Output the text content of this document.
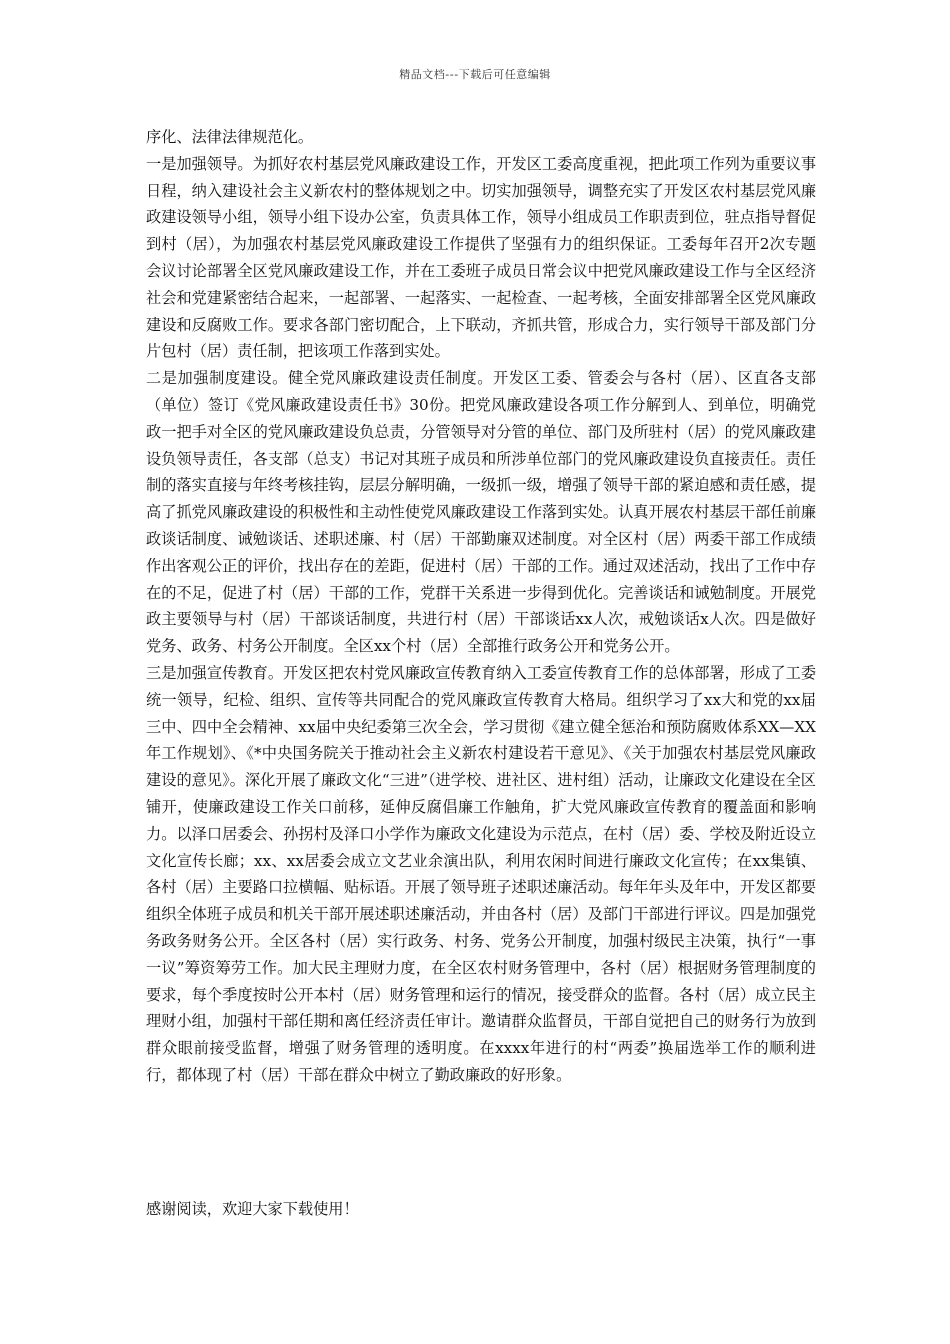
精品文档---下载后可任意编辑

序化、法律法律规范化。

一是加强领导。为抓好农村基层党风廉政建设工作，开发区工委高度重视，把此项工作列为重要议事日程，纳入建设社会主义新农村的整体规划之中。切实加强领导，调整充实了开发区农村基层党风廉政建设领导小组，领导小组下设办公室，负责具体工作，领导小组成员工作职责到位，驻点指导督促到村（居），为加强农村基层党风廉政建设工作提供了坚强有力的组织保证。工委每年召开2次专题会议讨论部署全区党风廉政建设工作，并在工委班子成员日常会议中把党风廉政建设工作与全区经济社会和党建紧密结合起来，一起部署、一起落实、一起检查、一起考核，全面安排部署全区党风廉政建设和反腐败工作。要求各部门密切配合，上下联动，齐抓共管，形成合力，实行领导干部及部门分片包村（居）责任制，把该项工作落到实处。

二是加强制度建设。健全党风廉政建设责任制度。开发区工委、管委会与各村（居）、区直各支部（单位）签订《党风廉政建设责任书》30份。把党风廉政建设各项工作分解到人、到单位，明确党政一把手对全区的党风廉政建设负总责，分管领导对分管的单位、部门及所驻村（居）的党风廉政建设负领导责任，各支部（总支）书记对其班子成员和所涉单位部门的党风廉政建设负直接责任。责任制的落实直接与年终考核挂钩，层层分解明确，一级抓一级，增强了领导干部的紧迫感和责任感，提高了抓党风廉政建设的积极性和主动性使党风廉政建设工作落到实处。认真开展农村基层干部任前廉政谈话制度、诫勉谈话、述职述廉、村（居）干部勤廉双述制度。对全区村（居）两委干部工作成绩作出客观公正的评价，找出存在的差距，促进村（居）干部的工作。通过双述活动，找出了工作中存在的不足，促进了村（居）干部的工作，党群干关系进一步得到优化。完善谈话和诫勉制度。开展党政主要领导与村（居）干部谈话制度，共进行村（居）干部谈话xx人次，戒勉谈话x人次。四是做好党务、政务、村务公开制度。全区xx个村（居）全部推行政务公开和党务公开。

三是加强宣传教育。开发区把农村党风廉政宣传教育纳入工委宣传教育工作的总体部署，形成了工委统一领导，纪检、组织、宣传等共同配合的党风廉政宣传教育大格局。组织学习了xx大和党的xx届三中、四中全会精神、xx届中央纪委第三次全会，学习贯彻《建立健全惩治和预防腐败体系XX—XX年工作规划》、《*中央国务院关于推动社会主义新农村建设若干意见》、《关于加强农村基层党风廉政建设的意见》。深化开展了廉政文化“三进”（进学校、进社区、进村组）活动，让廉政文化建设在全区铺开，使廉政建设工作关口前移，延伸反腐倡廉工作触角，扩大党风廉政宣传教育的覆盖面和影响力。以泽口居委会、孙拐村及泽口小学作为廉政文化建设为示范点，在村（居）委、学校及附近设立文化宣传长廊；xx、xx居委会成立文艺业余演出队，利用农闲时间进行廉政文化宣传；在xx集镇、各村（居）主要路口拉横幅、贴标语。开展了领导班子述职述廉活动。每年年头及年中，开发区都要组织全体班子成员和机关干部开展述职述廉活动，并由各村（居）及部门干部进行评议。四是加强党务政务财务公开。全区各村（居）实行政务、村务、党务公开制度，加强村级民主决策，执行“一事一议”筹资筹劳工作。加大民主理财力度，在全区农村财务管理中，各村（居）根据财务管理制度的要求，每个季度按时公开本村（居）财务管理和运行的情况，接受群众的监督。各村（居）成立民主理财小组，加强村干部任期和离任经济责任审计。邀请群众监督员，干部自觉把自己的财务行为放到群众眼前接受监督，增强了财务管理的透明度。在xxxx年进行的村“两委”换届选举工作的顺利进行，都体现了村（居）干部在群众中树立了勤政廉政的好形象。

感谢阅读，欢迎大家下载使用！
